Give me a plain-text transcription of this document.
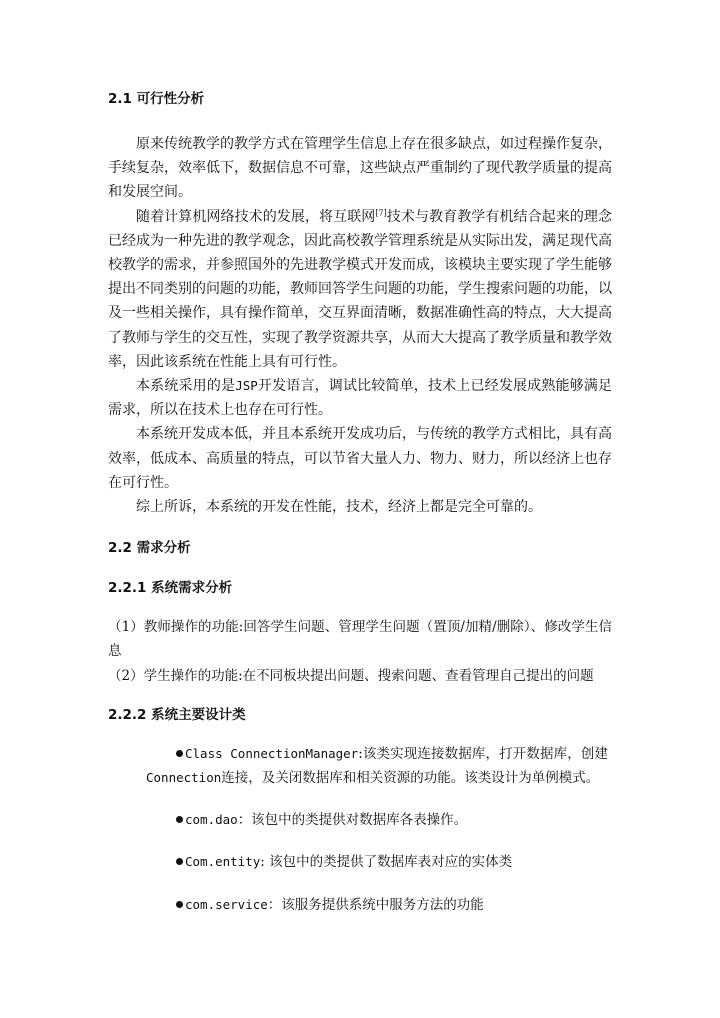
2.1 可行性分析

原来传统教学的教学方式在管理学生信息上存在很多缺点，如过程操作复杂，手续复杂，效率低下，数据信息不可靠，这些缺点严重制约了现代教学质量的提高和发展空间。

随着计算机网络技术的发展，将互联网[7]技术与教育教学有机结合起来的理念已经成为一种先进的教学观念，因此高校教学管理系统是从实际出发，满足现代高校教学的需求，并参照国外的先进教学模式开发而成，该模块主要实现了学生能够提出不同类别的问题的功能，教师回答学生问题的功能，学生搜索问题的功能，以及一些相关操作，具有操作简单，交互界面清晰，数据准确性高的特点，大大提高了教师与学生的交互性，实现了教学资源共享，从而大大提高了教学质量和教学效率，因此该系统在性能上具有可行性。

本系统采用的是JSP开发语言，调试比较简单，技术上已经发展成熟能够满足需求，所以在技术上也存在可行性。

本系统开发成本低，并且本系统开发成功后，与传统的教学方式相比，具有高效率，低成本、高质量的特点，可以节省大量人力、物力、财力，所以经济上也存在可行性。

综上所诉，本系统的开发在性能，技术，经济上都是完全可靠的。

2.2 需求分析
2.2.1 系统需求分析

（1）教师操作的功能:回答学生问题、管理学生问题（置顶/加精/删除）、修改学生信息

（2）学生操作的功能:在不同板块提出问题、搜索问题、查看管理自己提出的问题

2.2.2 系统主要设计类

Class ConnectionManager:该类实现连接数据库，打开数据库，创建Connection连接，及关闭数据库和相关资源的功能。该类设计为单例模式。

com.dao：该包中的类提供对数据库各表操作。

Com.entity: 该包中的类提供了数据库表对应的实体类

com.service：该服务提供系统中服务方法的功能
